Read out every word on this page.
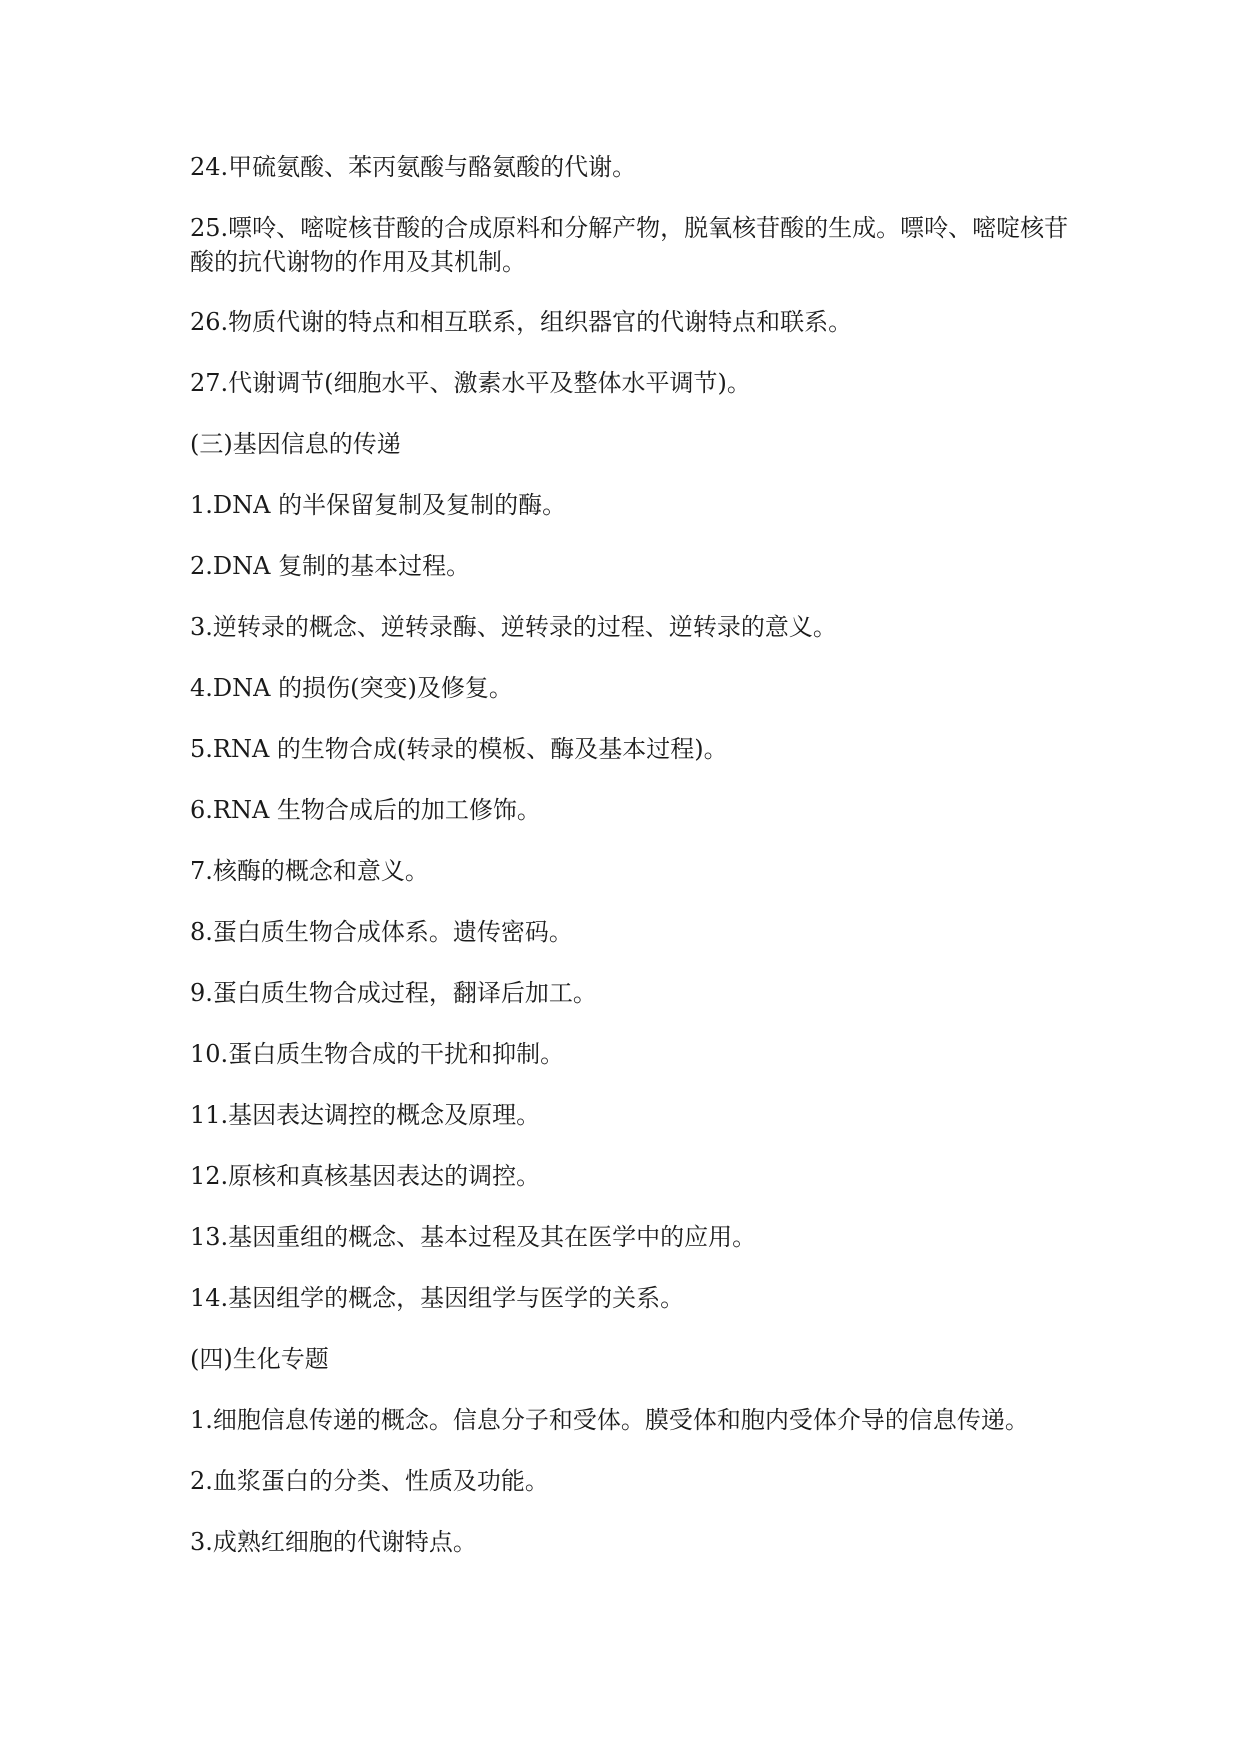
24.甲硫氨酸、苯丙氨酸与酪氨酸的代谢。
25.嘌呤、嘧啶核苷酸的合成原料和分解产物，脱氧核苷酸的生成。嘌呤、嘧啶核苷酸的抗代谢物的作用及其机制。
26.物质代谢的特点和相互联系，组织器官的代谢特点和联系。
27.代谢调节(细胞水平、激素水平及整体水平调节)。
(三)基因信息的传递
1.DNA 的半保留复制及复制的酶。
2.DNA 复制的基本过程。
3.逆转录的概念、逆转录酶、逆转录的过程、逆转录的意义。
4.DNA 的损伤(突变)及修复。
5.RNA 的生物合成(转录的模板、酶及基本过程)。
6.RNA 生物合成后的加工修饰。
7.核酶的概念和意义。
8.蛋白质生物合成体系。遗传密码。
9.蛋白质生物合成过程，翻译后加工。
10.蛋白质生物合成的干扰和抑制。
11.基因表达调控的概念及原理。
12.原核和真核基因表达的调控。
13.基因重组的概念、基本过程及其在医学中的应用。
14.基因组学的概念，基因组学与医学的关系。
(四)生化专题
1.细胞信息传递的概念。信息分子和受体。膜受体和胞内受体介导的信息传递。
2.血浆蛋白的分类、性质及功能。
3.成熟红细胞的代谢特点。
